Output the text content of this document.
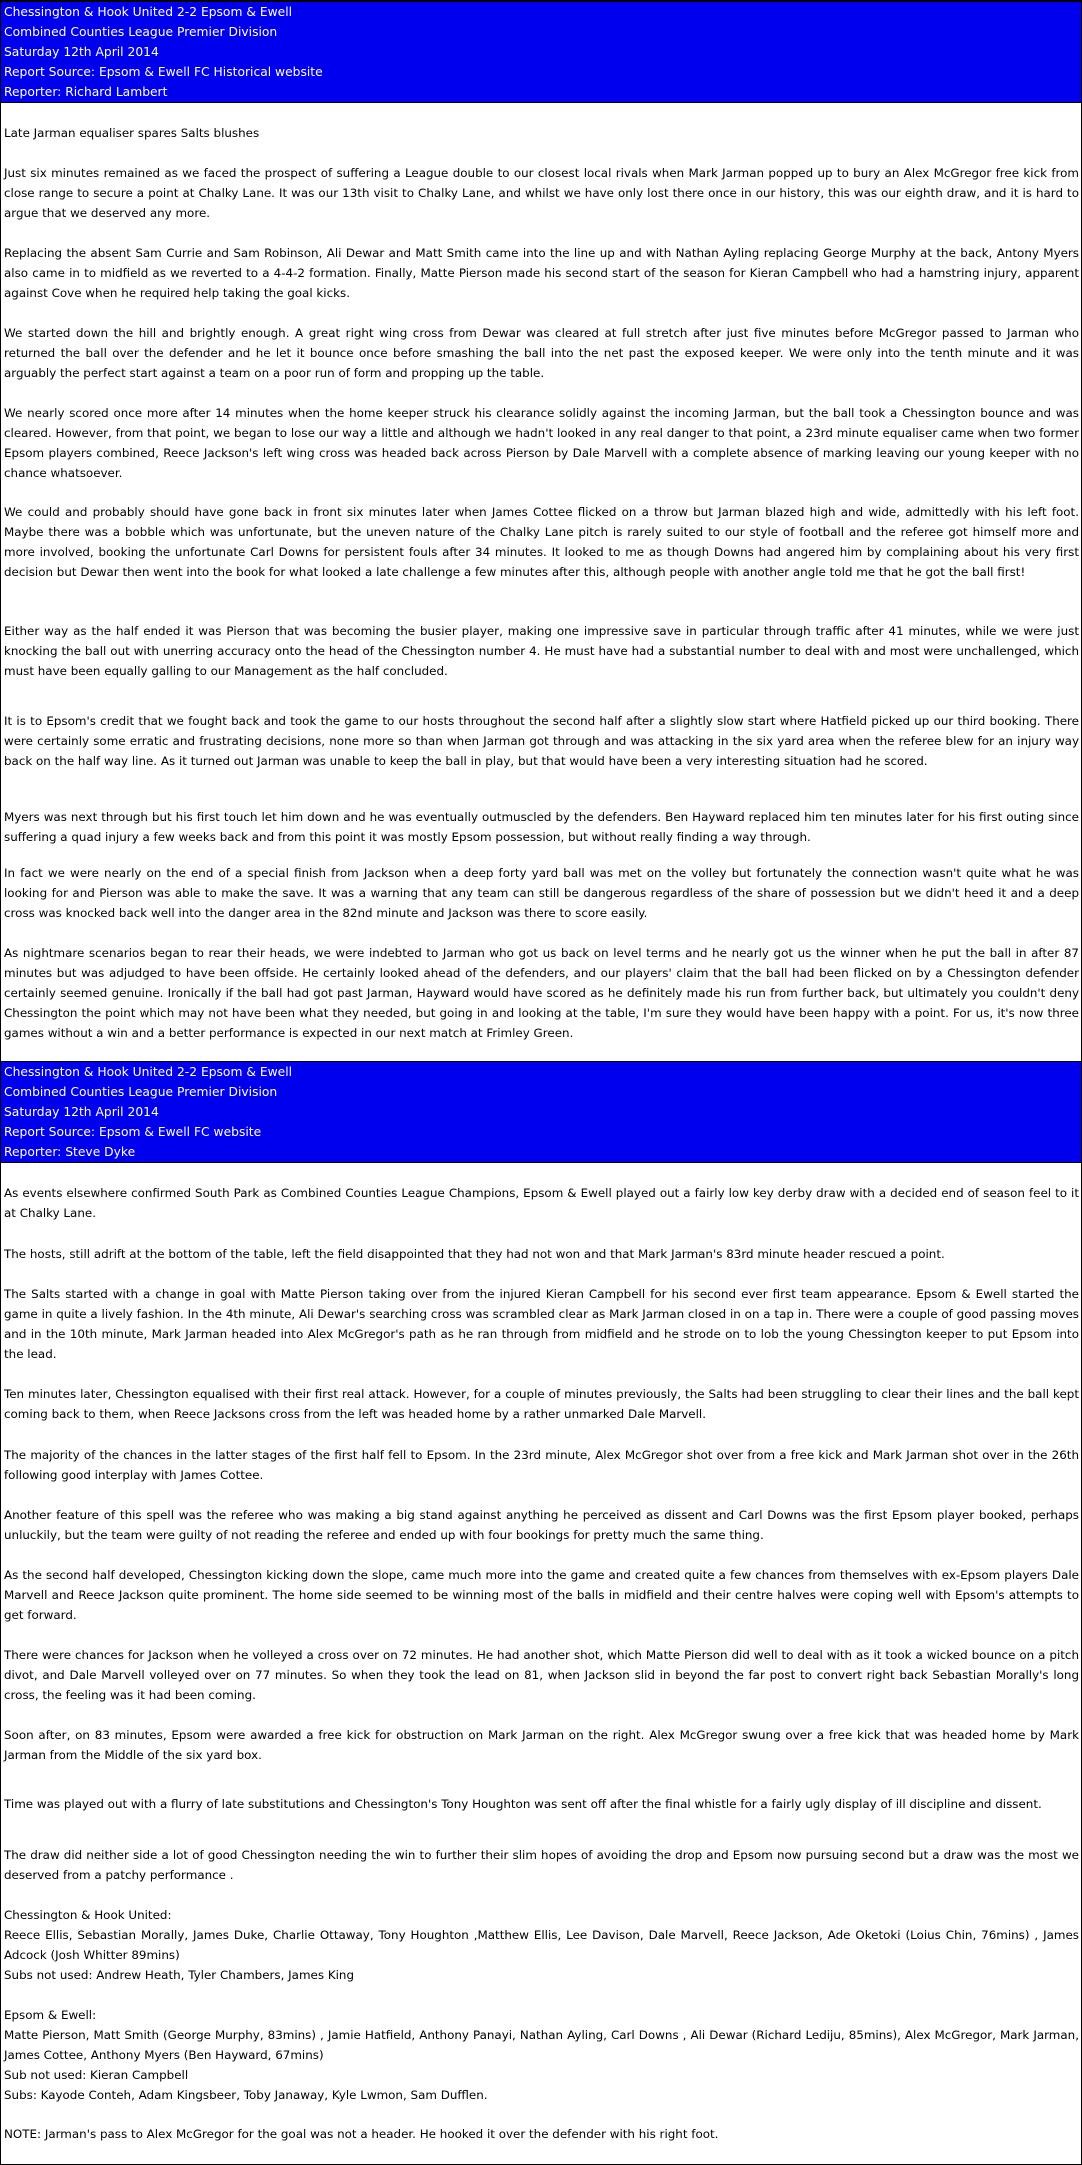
Chessington & Hook United 2-2 Epsom & Ewell
Combined Counties League Premier Division
Saturday 12th April 2014
Report Source: Epsom & Ewell FC Historical website
Reporter: Richard Lambert

Late Jarman equaliser spares Salts blushes

Just six minutes remained as we faced the prospect of suffering a League double to our closest local rivals when Mark Jarman popped up to bury an Alex McGregor free kick from close range to secure a point at Chalky Lane. It was our 13th visit to Chalky Lane, and whilst we have only lost there once in our history, this was our eighth draw, and it is hard to argue that we deserved any more.

Replacing the absent Sam Currie and Sam Robinson, Ali Dewar and Matt Smith came into the line up and with Nathan Ayling replacing George Murphy at the back, Antony Myers also came in to midfield as we reverted to a 4-4-2 formation. Finally, Matte Pierson made his second start of the season for Kieran Campbell who had a hamstring injury, apparent against Cove when he required help taking the goal kicks.

We started down the hill and brightly enough. A great right wing cross from Dewar was cleared at full stretch after just five minutes before McGregor passed to Jarman who returned the ball over the defender and he let it bounce once before smashing the ball into the net past the exposed keeper. We were only into the tenth minute and it was arguably the perfect start against a team on a poor run of form and propping up the table.

We nearly scored once more after 14 minutes when the home keeper struck his clearance solidly against the incoming Jarman, but the ball took a Chessington bounce and was cleared. However, from that point, we began to lose our way a little and although we hadn't looked in any real danger to that point, a 23rd minute equaliser came when two former Epsom players combined, Reece Jackson's left wing cross was headed back across Pierson by Dale Marvell with a complete absence of marking leaving our young keeper with no chance whatsoever.

We could and probably should have gone back in front six minutes later when James Cottee flicked on a throw but Jarman blazed high and wide, admittedly with his left foot. Maybe there was a bobble which was unfortunate, but the uneven nature of the Chalky Lane pitch is rarely suited to our style of football and the referee got himself more and more involved, booking the unfortunate Carl Downs for persistent fouls after 34 minutes. It looked to me as though Downs had angered him by complaining about his very first decision but Dewar then went into the book for what looked a late challenge a few minutes after this, although people with another angle told me that he got the ball first!

Either way as the half ended it was Pierson that was becoming the busier player, making one impressive save in particular through traffic after 41 minutes, while we were just knocking the ball out with unerring accuracy onto the head of the Chessington number 4. He must have had a substantial number to deal with and most were unchallenged, which must have been equally galling to our Management as the half concluded.

It is to Epsom's credit that we fought back and took the game to our hosts throughout the second half after a slightly slow start where Hatfield picked up our third booking. There were certainly some erratic and frustrating decisions, none more so than when Jarman got through and was attacking in the six yard area when the referee blew for an injury way back on the half way line. As it turned out Jarman was unable to keep the ball in play, but that would have been a very interesting situation had he scored.

Myers was next through but his first touch let him down and he was eventually outmuscled by the defenders. Ben Hayward replaced him ten minutes later for his first outing since suffering a quad injury a few weeks back and from this point it was mostly Epsom possession, but without really finding a way through.

In fact we were nearly on the end of a special finish from Jackson when a deep forty yard ball was met on the volley but fortunately the connection wasn't quite what he was looking for and Pierson was able to make the save. It was a warning that any team can still be dangerous regardless of the share of possession but we didn't heed it and a deep cross was knocked back well into the danger area in the 82nd minute and Jackson was there to score easily.

As nightmare scenarios began to rear their heads, we were indebted to Jarman who got us back on level terms and he nearly got us the winner when he put the ball in after 87 minutes but was adjudged to have been offside. He certainly looked ahead of the defenders, and our players' claim that the ball had been flicked on by a Chessington defender certainly seemed genuine. Ironically if the ball had got past Jarman, Hayward would have scored as he definitely made his run from further back, but ultimately you couldn't deny Chessington the point which may not have been what they needed, but going in and looking at the table, I'm sure they would have been happy with a point. For us, it's now three games without a win and a better performance is expected in our next match at Frimley Green.

Chessington & Hook United 2-2 Epsom & Ewell
Combined Counties League Premier Division
Saturday 12th April 2014
Report Source: Epsom & Ewell FC website
Reporter: Steve Dyke

As events elsewhere confirmed South Park as Combined Counties League Champions, Epsom & Ewell played out a fairly low key derby draw with a decided end of season feel to it at Chalky Lane.

The hosts, still adrift at the bottom of the table, left the field disappointed that they had not won and that Mark Jarman's 83rd minute header rescued a point.

The Salts started with a change in goal with Matte Pierson taking over from the injured Kieran Campbell for his second ever first team appearance. Epsom & Ewell started the game in quite a lively fashion. In the 4th minute, Ali Dewar's searching cross was scrambled clear as Mark Jarman closed in on a tap in. There were a couple of good passing moves and in the 10th minute, Mark Jarman headed into Alex McGregor's path as he ran through from midfield and he strode on to lob the young Chessington keeper to put Epsom into the lead.

Ten minutes later, Chessington equalised with their first real attack. However, for a couple of minutes previously, the Salts had been struggling to clear their lines and the ball kept coming back to them, when Reece Jacksons cross from the left was headed home by a rather unmarked Dale Marvell.

The majority of the chances in the latter stages of the first half fell to Epsom. In the 23rd minute, Alex McGregor shot over from a free kick and Mark Jarman shot over in the 26th following good interplay with James Cottee.

Another feature of this spell was the referee who was making a big stand against anything he perceived as dissent and Carl Downs was the first Epsom player booked, perhaps unluckily, but the team were guilty of not reading the referee and ended up with four bookings for pretty much the same thing.

As the second half developed, Chessington kicking down the slope, came much more into the game and created quite a few chances from themselves with ex-Epsom players Dale Marvell and Reece Jackson quite prominent. The home side seemed to be winning most of the balls in midfield and their centre halves were coping well with Epsom's attempts to get forward.

There were chances for Jackson when he volleyed a cross over on 72 minutes. He had another shot, which Matte Pierson did well to deal with as it took a wicked bounce on a pitch divot, and Dale Marvell volleyed over on 77 minutes. So when they took the lead on 81, when Jackson slid in beyond the far post to convert right back Sebastian Morally's long cross, the feeling was it had been coming.

Soon after, on 83 minutes, Epsom were awarded a free kick for obstruction on Mark Jarman on the right. Alex McGregor swung over a free kick that was headed home by Mark Jarman from the Middle of the six yard box.

Time was played out with a flurry of late substitutions and Chessington's Tony Houghton was sent off after the final whistle for a fairly ugly display of ill discipline and dissent.

The draw did neither side a lot of good Chessington needing the win to further their slim hopes of avoiding the drop and Epsom now pursuing second but a draw was the most we deserved from a patchy performance .

Chessington & Hook United:

Reece Ellis, Sebastian Morally, James Duke, Charlie Ottaway, Tony Houghton ,Matthew Ellis, Lee Davison, Dale Marvell, Reece Jackson, Ade Oketoki (Loius Chin, 76mins) , James Adcock (Josh Whitter 89mins)

Subs not used: Andrew Heath, Tyler Chambers, James King

Epsom & Ewell:

Matte Pierson, Matt Smith (George Murphy, 83mins) , Jamie Hatfield, Anthony Panayi, Nathan Ayling, Carl Downs , Ali Dewar (Richard Lediju, 85mins), Alex McGregor, Mark Jarman, James Cottee, Anthony Myers (Ben Hayward, 67mins)

Sub not used: Kieran Campbell

Subs: Kayode Conteh, Adam Kingsbeer, Toby Janaway, Kyle Lwmon, Sam Dufflen.

NOTE: Jarman's pass to Alex McGregor for the goal was not a header. He hooked it over the defender with his right foot.
